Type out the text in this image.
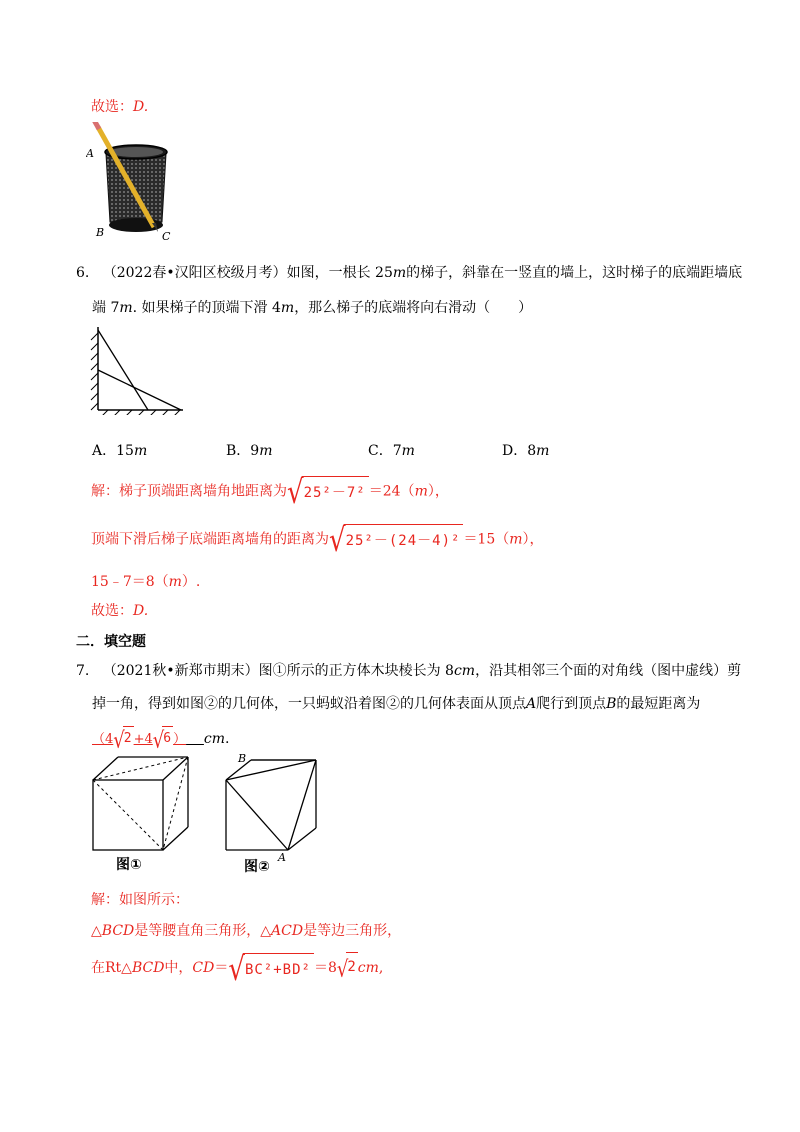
故选：D.
A
B	C
6. （2022春•汉阳区校级月考）如图，一根长 25m的梯子，斜靠在一竖直的墙上，这时梯子的底端距墙底
端 7m. 如果梯子的顶端下滑 4m，那么梯子的底端将向右滑动（　　）
A．15m	B．9m	C．7m	D．8m
解：梯子顶端距离墙角地距离为√25²－7² ＝24（m），
顶端下滑后梯子底端距离墙角的距离为√25²－(24－4)² ＝15（m），
15﹣7＝8（m）.
故选：D.
二．填空题
7. （2021秋•新郑市期末）图①所示的正方体木块棱长为 8cm，沿其相邻三个面的对角线（图中虚线）剪
掉一角，得到如图②的几何体，一只蚂蚁沿着图②的几何体表面从顶点A爬行到顶点B的最短距离为
（4√2+4√6） cm.
图①
B
A
图②
解：如图所示：
△BCD是等腰直角三角形，△ACD是等边三角形，
在Rt△BCD中，CD＝√BC²+BD² ＝8√2cm,
